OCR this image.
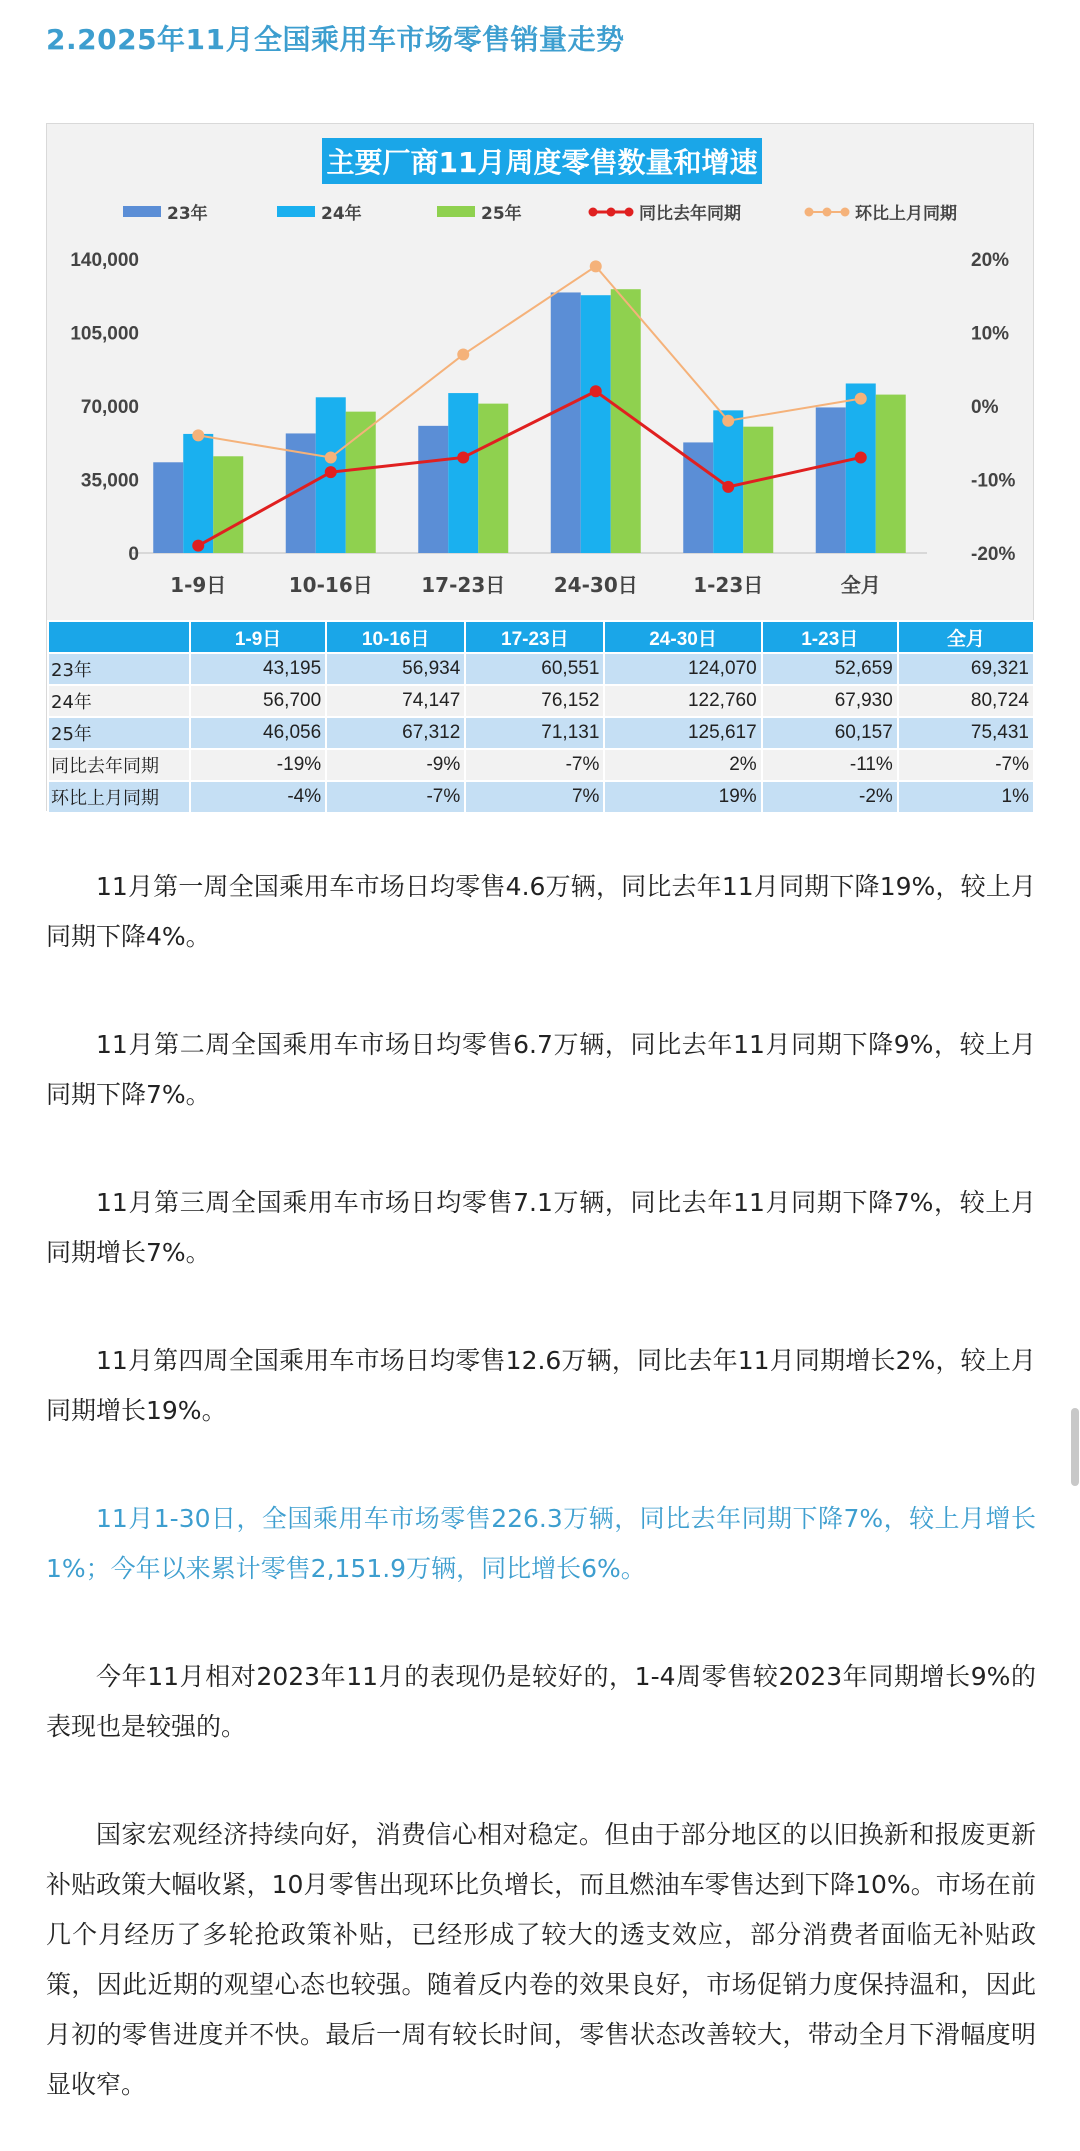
2.2025年11月全国乘用车市场零售销量走势
0
35,000
70,000
105,000
140,000
-20%
-10%
0%
10%
20%
1-9日	10-16日 17-23日 24-30日	1-23日	全月
主要厂商11月周度零售数量和增速
23年	24年	25年	同比去年同期	环比上月同期
	1-9日	10-16日	17-23日	24-30日	1-23日	全月
23年	43,195	56,934	60,551	124,070	52,659	69,321
24年	56,700	74,147	76,152	122,760	67,930	80,724
25年	46,056	67,312	71,131	125,617	60,157	75,431
同比去年同期	-19%	-9%	-7%	2%	-11%	-7%
环比上月同期	-4%	-7%	7%	19%	-2%	1%

11月第一周全国乘用车市场日均零售4.6万辆，同比去年11月同期下降19%，较上月同期下降4%。

11月第二周全国乘用车市场日均零售6.7万辆，同比去年11月同期下降9%，较上月同期下降7%。

11月第三周全国乘用车市场日均零售7.1万辆，同比去年11月同期下降7%，较上月同期增长7%。

11月第四周全国乘用车市场日均零售12.6万辆，同比去年11月同期增长2%，较上月同期增长19%。

11月1-30日，全国乘用车市场零售226.3万辆，同比去年同期下降7%，较上月增长1%；今年以来累计零售2,151.9万辆，同比增长6%。

今年11月相对2023年11月的表现仍是较好的，1-4周零售较2023年同期增长9%的表现也是较强的。

国家宏观经济持续向好，消费信心相对稳定。但由于部分地区的以旧换新和报废更新补贴政策大幅收紧，10月零售出现环比负增长，而且燃油车零售达到下降10%。市场在前几个月经历了多轮抢政策补贴，已经形成了较大的透支效应，部分消费者面临无补贴政策，因此近期的观望心态也较强。随着反内卷的效果良好，市场促销力度保持温和，因此月初的零售进度并不快。最后一周有较长时间，零售状态改善较大，带动全月下滑幅度明显收窄。
